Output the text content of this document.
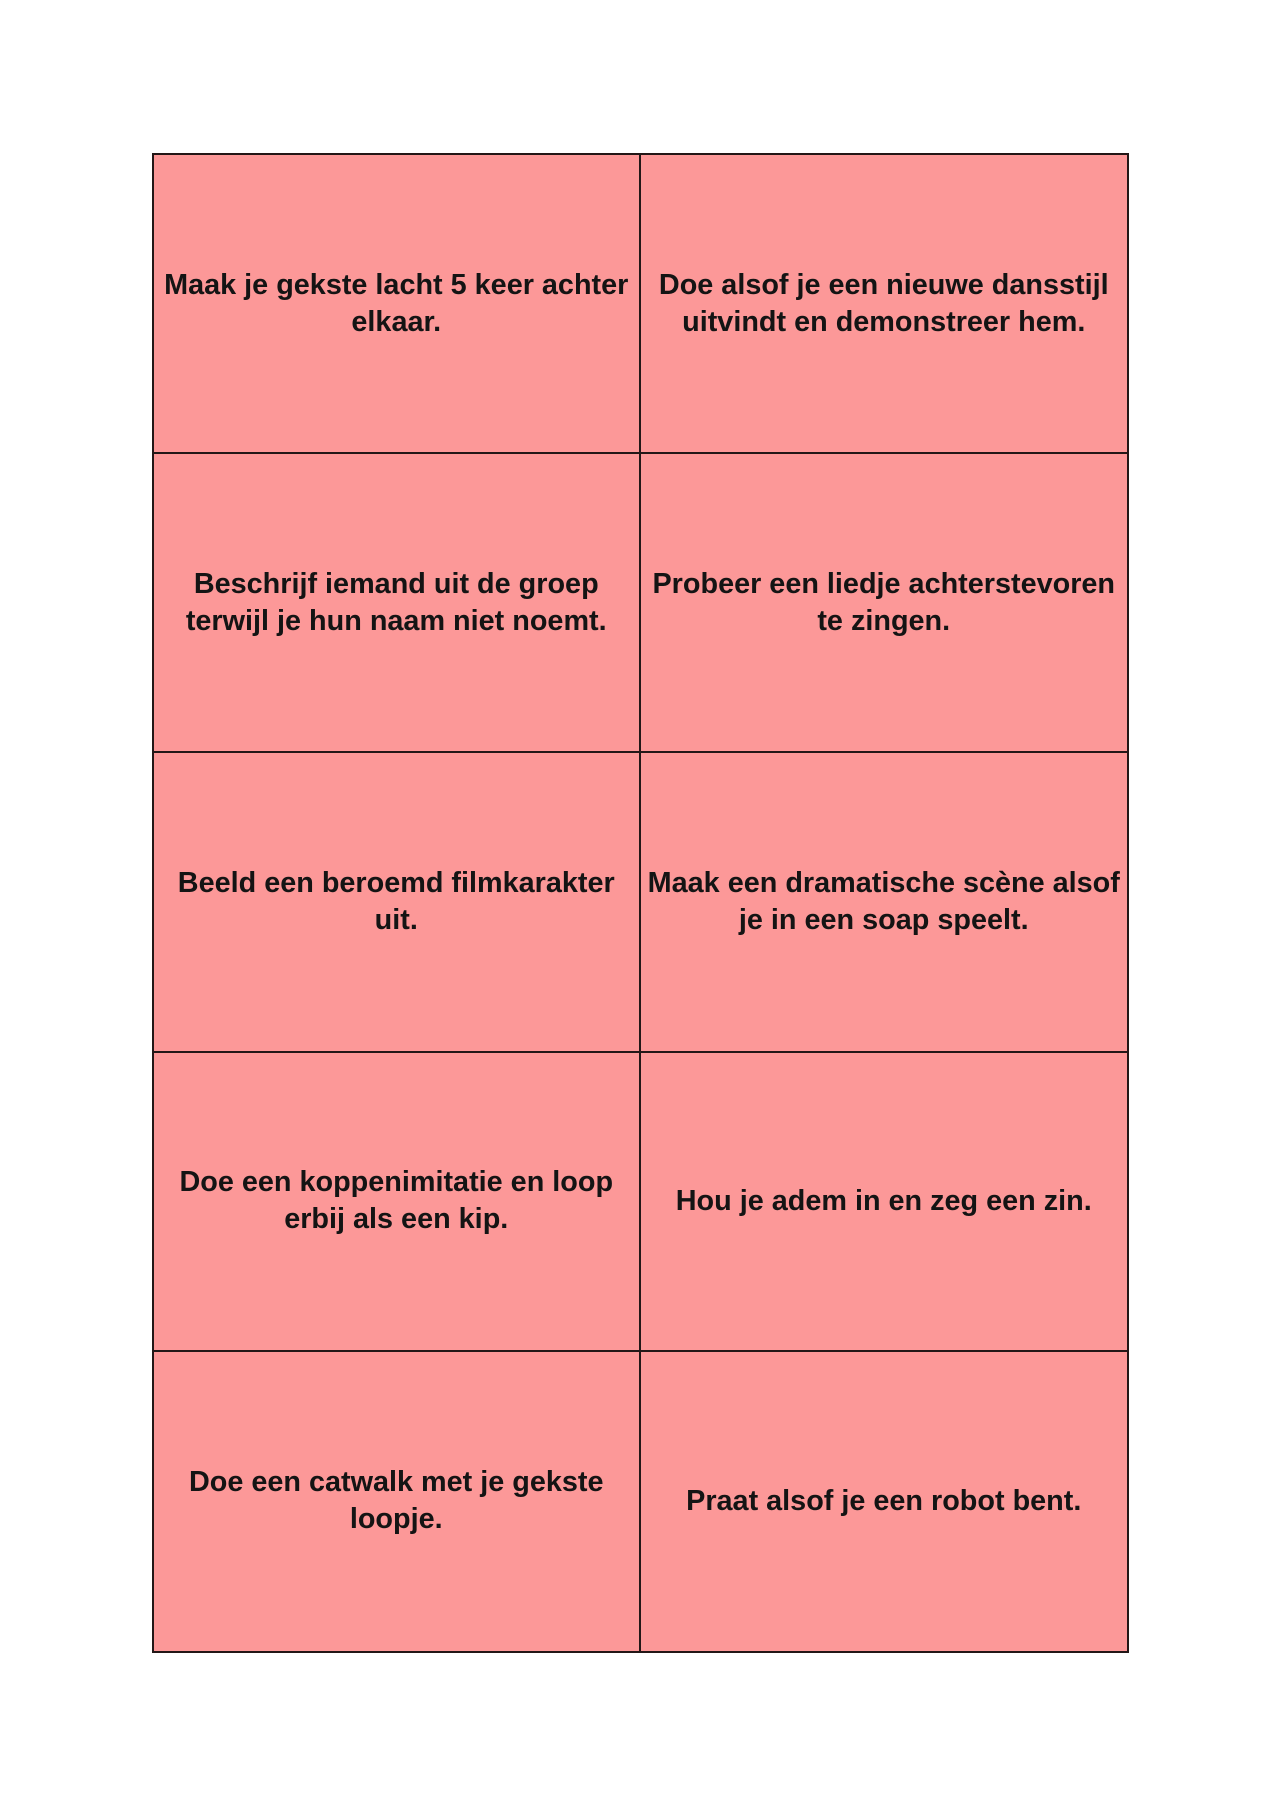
Maak je gekste lacht 5 keer achter elkaar.
Doe alsof je een nieuwe dansstijl uitvindt en demonstreer hem.
Beschrijf iemand uit de groep terwijl je hun naam niet noemt.
Probeer een liedje achterstevoren te zingen.
Beeld een beroemd filmkarakter uit.
Maak een dramatische scène alsof je in een soap speelt.
Doe een koppenimitatie en loop erbij als een kip.
Hou je adem in en zeg een zin.
Doe een catwalk met je gekste loopje.
Praat alsof je een robot bent.
